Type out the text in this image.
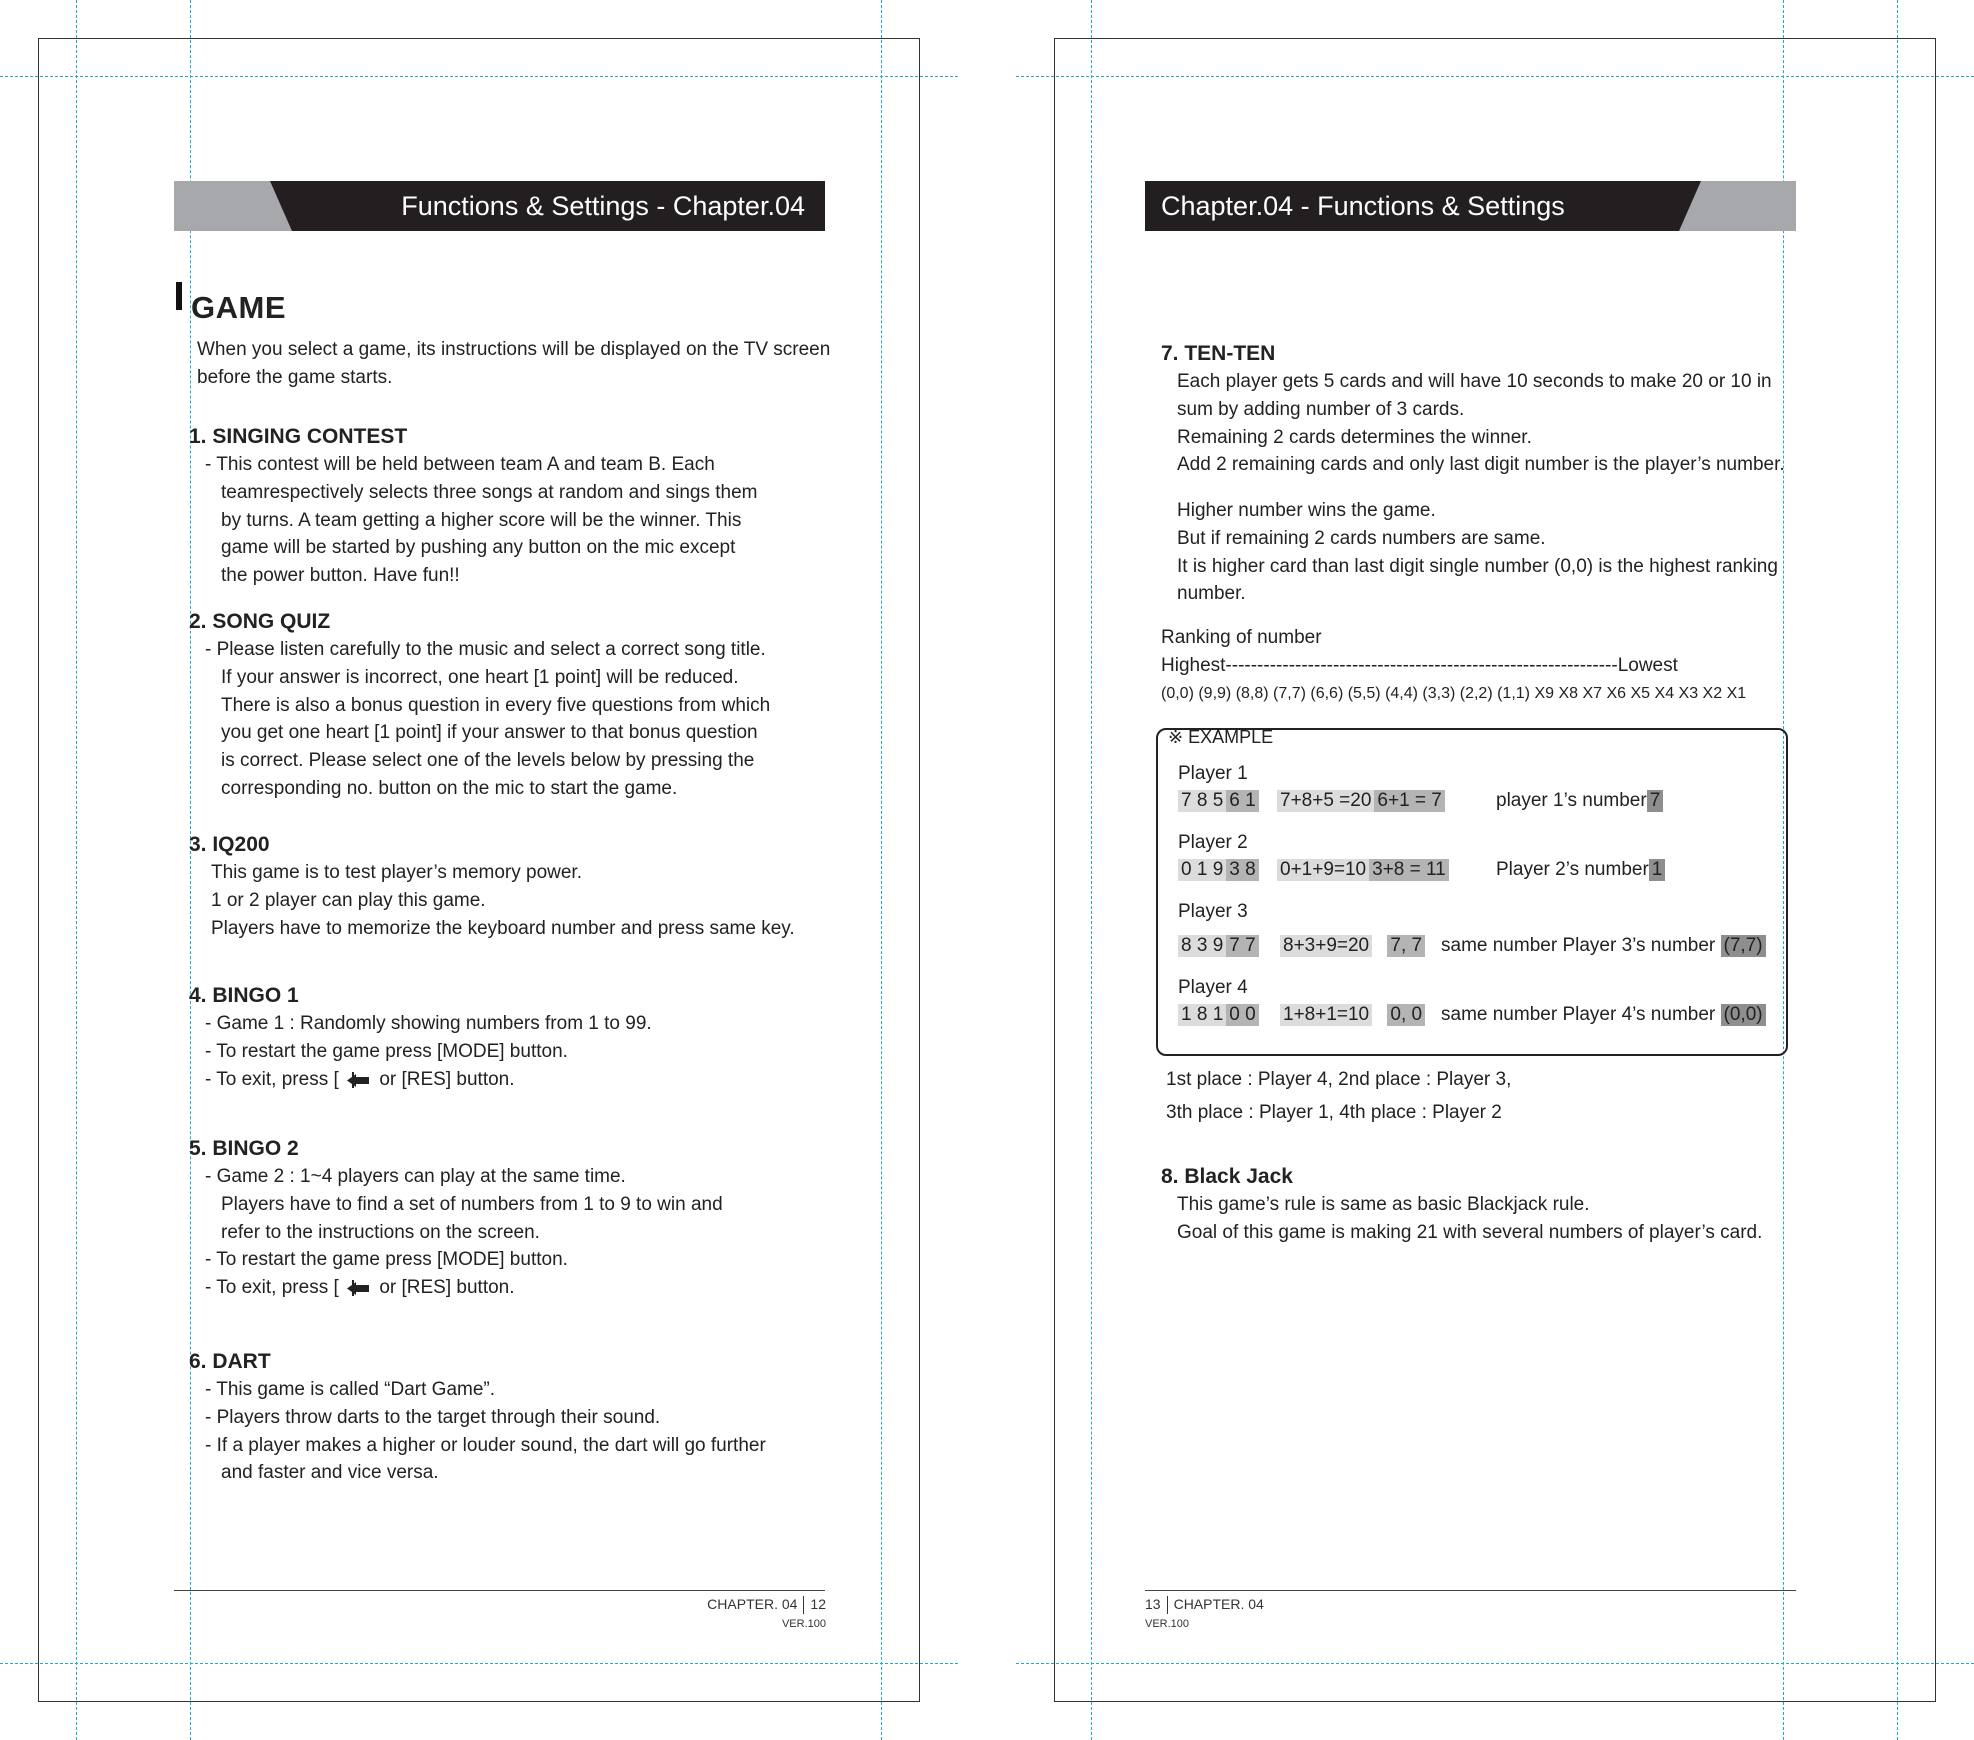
Functions & Settings - Chapter.04
GAME
When you select a game, its instructions will be displayed on the TV screen
before the game starts.
1. SINGING CONTEST
- This contest will be held between team A and team B. Each
teamrespectively selects three songs at random and sings them
by turns. A team getting a higher score will be the winner. This
game will be started by pushing any button on the mic except
the power button. Have fun!!
2. SONG QUIZ
- Please listen carefully to the music and select a correct song title.
If your answer is incorrect, one heart [1 point] will be reduced.
There is also a bonus question in every five questions from which
you get one heart [1 point] if your answer to that bonus question
is correct. Please select one of the levels below by pressing the
corresponding no. button on the mic to start the game.
3. IQ200
This game is to test player’s memory power.
1 or 2 player can play this game.
Players have to memorize the keyboard number and press same key.
4. BINGO 1
- Game 1 : Randomly showing numbers from 1 to 99.
- To restart the game press [MODE] button.
- To exit, press [ or [RES] button.
5. BINGO 2
- Game 2 : 1~4 players can play at the same time.
Players have to find a set of numbers from 1 to 9 to win and
refer to the instructions on the screen.
- To restart the game press [MODE] button.
- To exit, press [ or [RES] button.
6. DART
- This game is called “Dart Game”.
- Players throw darts to the target through their sound.
- If a player makes a higher or louder sound, the dart will go further
and faster and vice versa.
CHAPTER. 04 12
VER.100
Chapter.04 - Functions & Settings
7. TEN-TEN
Each player gets 5 cards and will have 10 seconds to make 20 or 10 in
sum by adding number of 3 cards.
Remaining 2 cards determines the winner.
Add 2 remaining cards and only last digit number is the player’s number.
Higher number wins the game.
But if remaining 2 cards numbers are same.
It is higher card than last digit single number (0,0) is the highest ranking
number.
Ranking of number
Highest--------------------------------------------------------------Lowest
(0,0) (9,9) (8,8) (7,7) (6,6) (5,5) (4,4) (3,3) (2,2) (1,1) X9 X8 X7 X6 X5 X4 X3 X2 X1
※ EXAMPLE
Player 1
7 8 5 6 1 7+8+5 =20 6+1 = 7	player 1’s number 7
Player 2
0 1 9 3 8 0+1+9=10 3+8 = 11	Player 2’s number 1
Player 3
8 3 9 7 7 8+3+9=20 7, 7 same number Player 3’s number (7,7)
Player 4
1 8 1 0 0 1+8+1=10 0, 0 same number Player 4’s number (0,0)
1st place : Player 4, 2nd place : Player 3,
3th place : Player 1, 4th place : Player 2
8. Black Jack
This game’s rule is same as basic Blackjack rule.
Goal of this game is making 21 with several numbers of player’s card.
13 CHAPTER. 04
VER.100
